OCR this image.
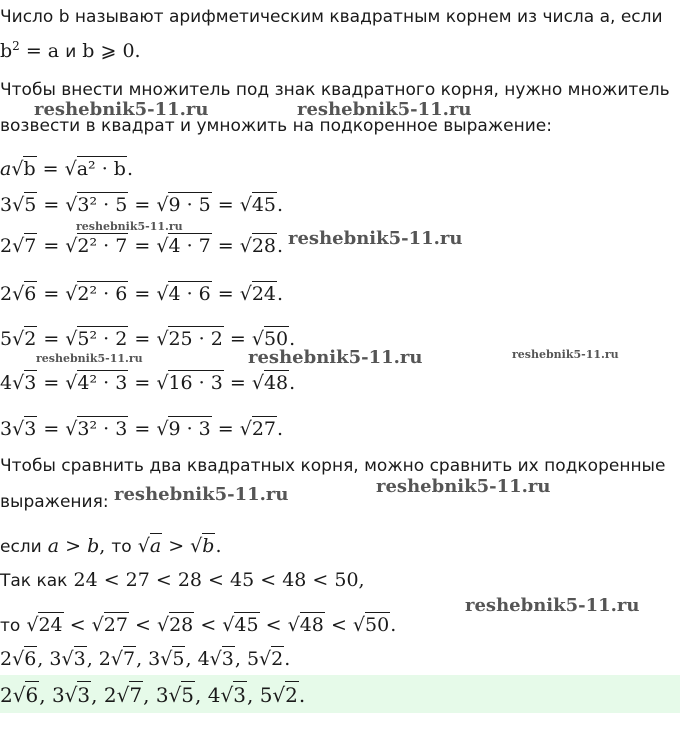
Число b называют арифметическим квадратным корнем из числа a, если
$b^2 = a$ и b ⩾ 0.
Чтобы внести множитель под знак квадратного корня, нужно множитель
возвести в квадрат и умножить на подкоренное выражение:
a√b = √a² · b.
3√5 = √3² · 5 = √9 · 5 = √45.
2√7 = √2² · 7 = √4 · 7 = √28.
2√6 = √2² · 6 = √4 · 6 = √24.
5√2 = √5² · 2 = √25 · 2 = √50.
4√3 = √4² · 3 = √16 · 3 = √48.
3√3 = √3² · 3 = √9 · 3 = √27.
Чтобы сравнить два квадратных корня, можно сравнить их подкоренные
выражения:
если a > b, то √a > √b.
Так как 24 < 27 < 28 < 45 < 48 < 50,
то √24 < √27 < √28 < √45 < √48 < √50.
2√6, 3√3, 2√7, 3√5, 4√3, 5√2.
2√6, 3√3, 2√7, 3√5, 4√3, 5√2.
reshebnik5-11.ru	reshebnik5-11.ru
reshebnik5-11.ru
reshebnik5-11.ru
reshebnik5-11.ru	reshebnik5-11.ru	reshebnik5-11.ru
reshebnik5-11.ru
reshebnik5-11.ru
reshebnik5-11.ru
